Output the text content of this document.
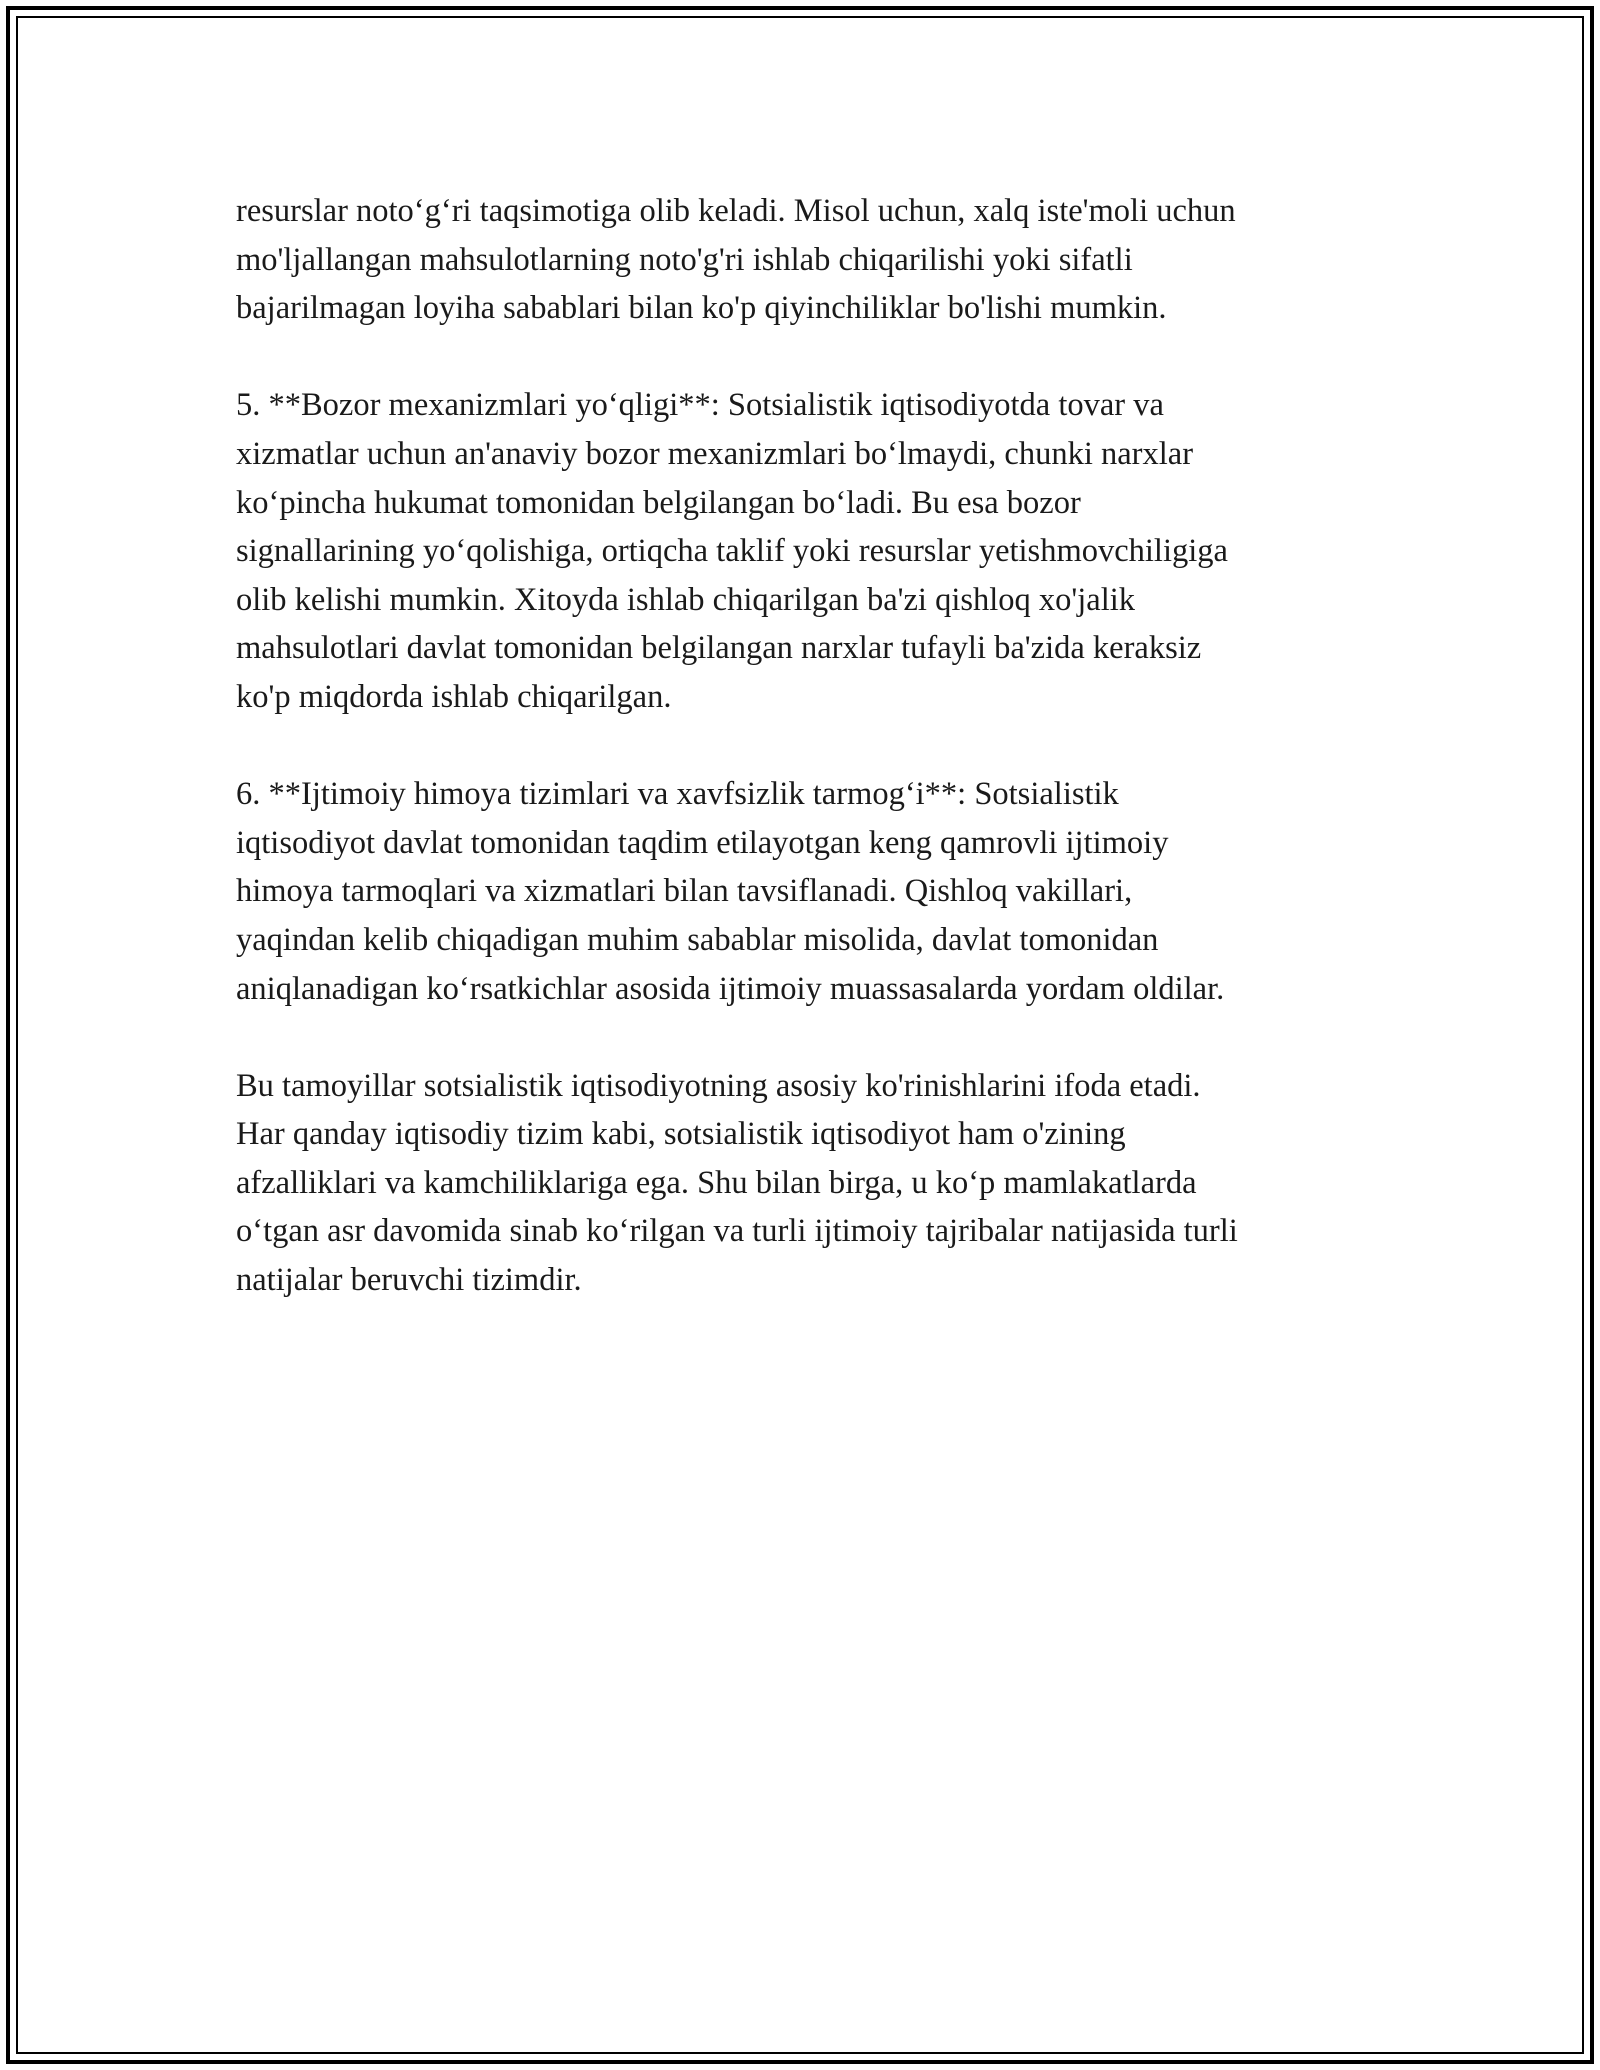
resurslar noto‘g‘ri taqsimotiga olib keladi. Misol uchun, xalq iste'moli uchun
mo'ljallangan mahsulotlarning noto'g'ri ishlab chiqarilishi yoki sifatli
bajarilmagan loyiha sabablari bilan ko'p qiyinchiliklar bo'lishi mumkin.

5. **Bozor mexanizmlari yo‘qligi**: Sotsialistik iqtisodiyotda tovar va
xizmatlar uchun an'anaviy bozor mexanizmlari bo‘lmaydi, chunki narxlar
ko‘pincha hukumat tomonidan belgilangan bo‘ladi. Bu esa bozor
signallarining yo‘qolishiga, ortiqcha taklif yoki resurslar yetishmovchiligiga
olib kelishi mumkin. Xitoyda ishlab chiqarilgan ba'zi qishloq xo'jalik
mahsulotlari davlat tomonidan belgilangan narxlar tufayli ba'zida keraksiz
ko'p miqdorda ishlab chiqarilgan.

6. **Ijtimoiy himoya tizimlari va xavfsizlik tarmog‘i**: Sotsialistik
iqtisodiyot davlat tomonidan taqdim etilayotgan keng qamrovli ijtimoiy
himoya tarmoqlari va xizmatlari bilan tavsiflanadi. Qishloq vakillari,
yaqindan kelib chiqadigan muhim sabablar misolida, davlat tomonidan
aniqlanadigan ko‘rsatkichlar asosida ijtimoiy muassasalarda yordam oldilar.

Bu tamoyillar sotsialistik iqtisodiyotning asosiy ko'rinishlarini ifoda etadi.
Har qanday iqtisodiy tizim kabi, sotsialistik iqtisodiyot ham o'zining
afzalliklari va kamchiliklariga ega. Shu bilan birga, u ko‘p mamlakatlarda
o‘tgan asr davomida sinab ko‘rilgan va turli ijtimoiy tajribalar natijasida turli
natijalar beruvchi tizimdir.
